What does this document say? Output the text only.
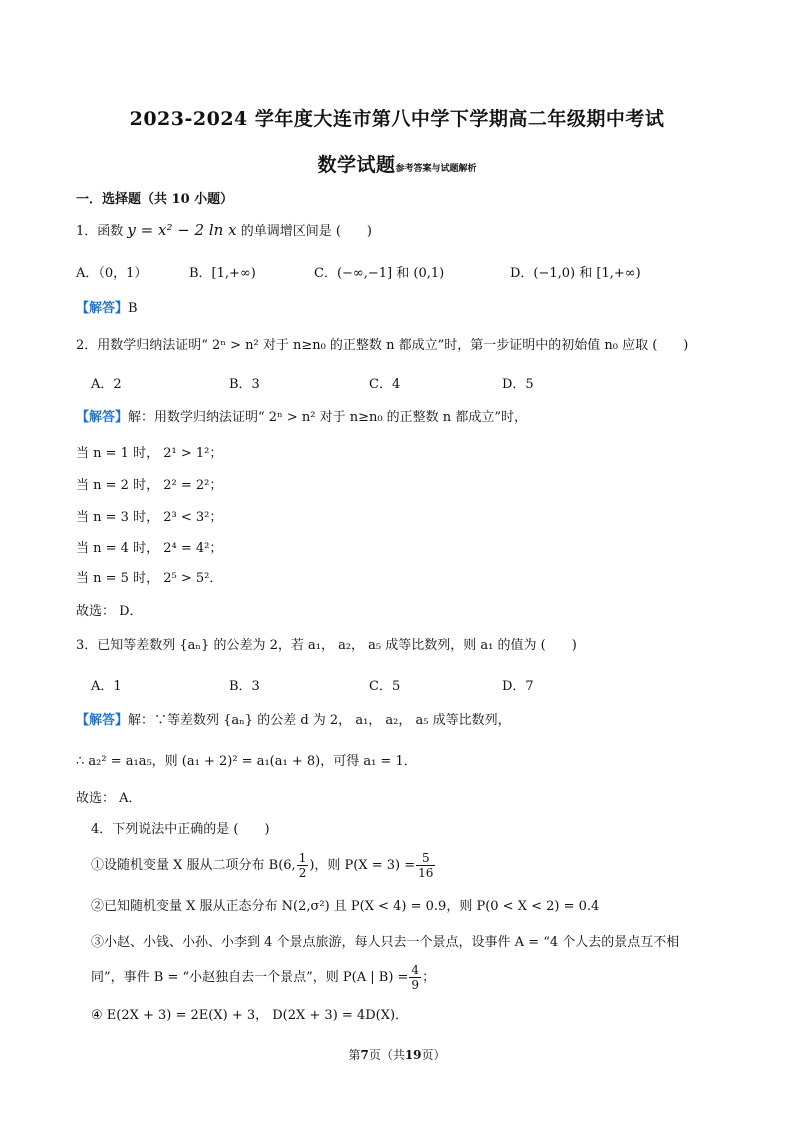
2023-2024 学年度大连市第八中学下学期高二年级期中考试
数学试题参考答案与试题解析
一．选择题（共 10 小题）
1．函数 y = x² − 2 ln x 的单调增区间是 (　　)
A．（0，1）	B．[1,+∞)	C．(−∞,−1] 和 (0,1)	D．(−1,0) 和 [1,+∞)
【解答】B
2．用数学归纳法证明“ 2ⁿ > n² 对于 n≥n₀ 的正整数 n 都成立”时，第一步证明中的初始值 n₀ 应取 (　　)
A．2	B．3	C．4	D．5
【解答】解：用数学归纳法证明“ 2ⁿ > n² 对于 n≥n₀ 的正整数 n 都成立”时，
当 n = 1 时， 2¹ > 1²；
当 n = 2 时， 2² = 2²；
当 n = 3 时， 2³ < 3²；
当 n = 4 时， 2⁴ = 4²；
当 n = 5 时， 2⁵ > 5²．
故选： D．
3．已知等差数列 {aₙ} 的公差为 2，若 a₁， a₂， a₅ 成等比数列，则 a₁ 的值为 (　　)
A．1	B．3	C．5	D．7
【解答】解：∵等差数列 {aₙ} 的公差 d 为 2， a₁， a₂， a₅ 成等比数列，
∴ a₂² = a₁a₅，则 (a₁ + 2)² = a₁(a₁ + 8)，可得 a₁ = 1．
故选： A．
4．下列说法中正确的是 (　　)
①设随机变量 X 服从二项分布 B(6, $\frac{1}{2}$ )，则 $P(X = 3) = \frac{5}{16}$
②已知随机变量 X 服从正态分布 N(2,σ²) 且 P(X < 4) = 0.9，则 P(0 < X < 2) = 0.4
③小赵、小钱、小孙、小李到 4 个景点旅游，每人只去一个景点，设事件 A = “4 个人去的景点互不相
同”，事件 B = “小赵独自去一个景点”，则 P(A | $B) = \frac{4}{9}$ ；
④ E(2X + 3) = 2E(X) + 3， D(2X + 3) = 4D(X)．
第7页（共19页）
